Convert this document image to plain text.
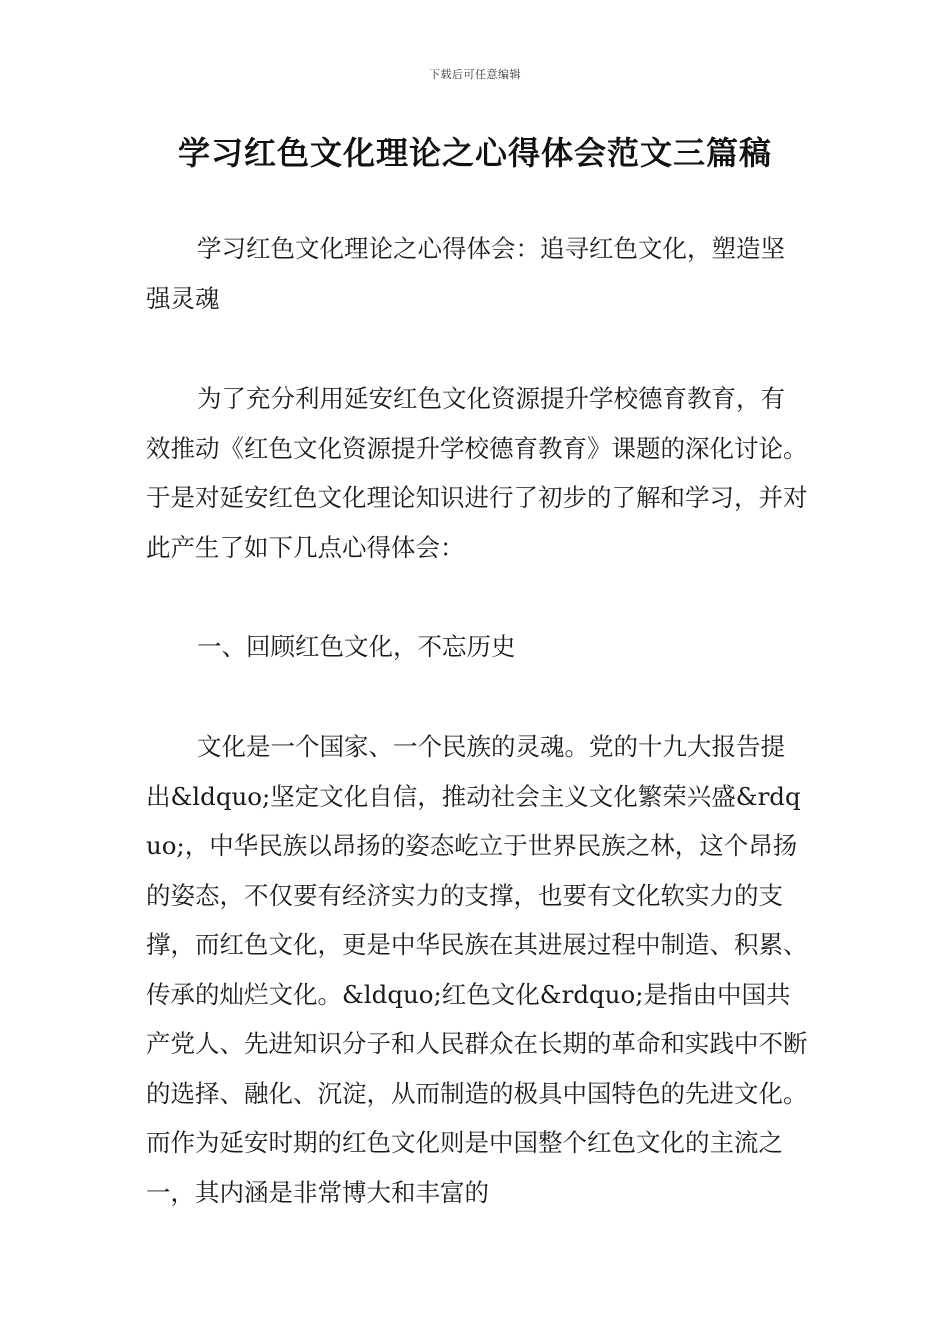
下载后可任意编辑
学习红色文化理论之心得体会范文三篇稿

学习红色文化理论之心得体会：追寻红色文化，塑造坚强灵魂

为了充分利用延安红色文化资源提升学校德育教育，有效推动《红色文化资源提升学校德育教育》课题的深化讨论。于是对延安红色文化理论知识进行了初步的了解和学习，并对此产生了如下几点心得体会：

一、回顾红色文化，不忘历史

文化是一个国家、一个民族的灵魂。党的十九大报告提出&ldquo;坚定文化自信，推动社会主义文化繁荣兴盛&rdquo;，中华民族以昂扬的姿态屹立于世界民族之林，这个昂扬的姿态，不仅要有经济实力的支撑，也要有文化软实力的支撑，而红色文化，更是中华民族在其进展过程中制造、积累、传承的灿烂文化。&ldquo;红色文化&rdquo;是指由中国共产党人、先进知识分子和人民群众在长期的革命和实践中不断的选择、融化、沉淀，从而制造的极具中国特色的先进文化。而作为延安时期的红色文化则是中国整个红色文化的主流之一，其内涵是非常博大和丰富的
